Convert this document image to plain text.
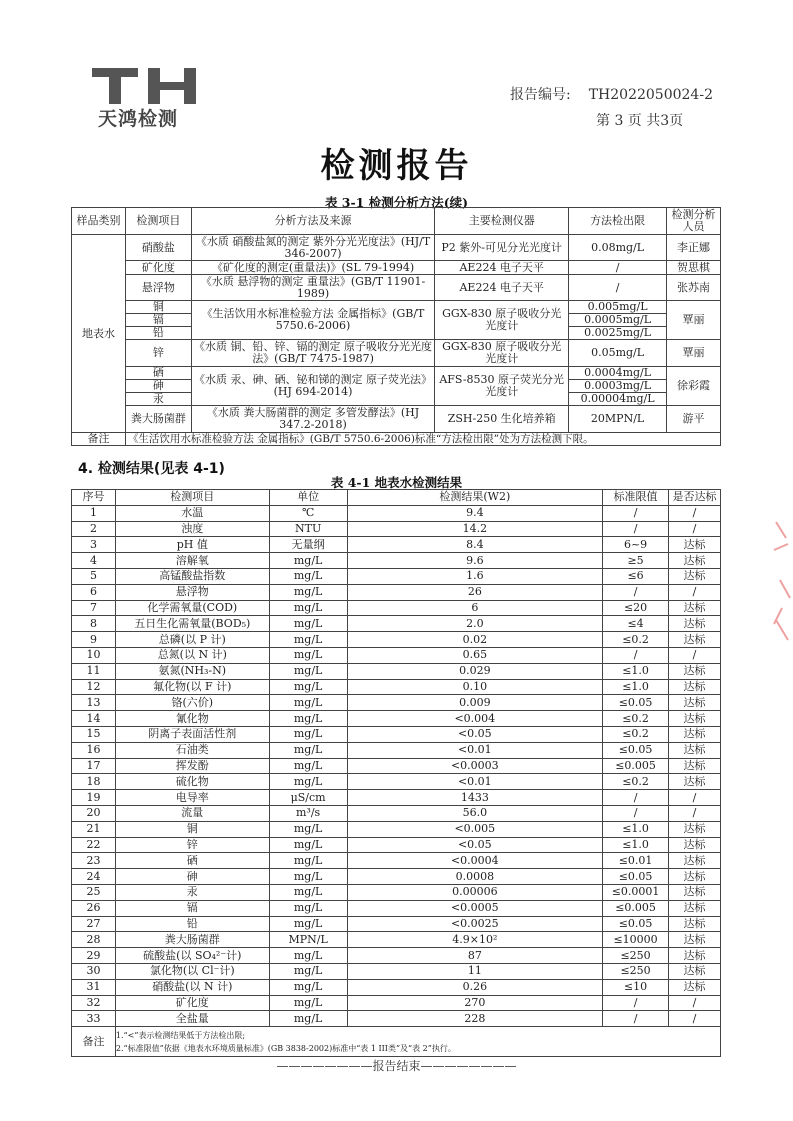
天鸿检测
报告编号: TH2022050024-2
第 3 页 共3页
检测报告
表 3-1 检测分析方法(续)
样品类别	检测项目	分析方法及来源	主要检测仪器	方法检出限	检测分析人员
地表水	硝酸盐	《水质 硝酸盐氮的测定 紫外分光光度法》(HJ/T 346-2007)	P2 紫外-可见分光光度计	0.08mg/L	李正娜
	矿化度	《矿化度的测定(重量法)》(SL 79-1994)	AE224 电子天平	/	贺思棋
	悬浮物	《水质 悬浮物的测定 重量法》(GB/T 11901-1989)	AE224 电子天平	/	张苏南
	铜	《生活饮用水标准检验方法 金属指标》(GB/T 5750.6-2006)	GGX-830 原子吸收分光光度计	0.005mg/L	覃丽
	镉			0.0005mg/L	
	铅			0.0025mg/L	
	锌	《水质 铜、铅、锌、镉的测定 原子吸收分光光度法》(GB/T 7475-1987)	GGX-830 原子吸收分光光度计	0.05mg/L	覃丽
	硒	《水质 汞、砷、硒、铋和锑的测定 原子荧光法》(HJ 694-2014)	AFS-8530 原子荧光分光光度计	0.0004mg/L	徐彩霞
	砷			0.0003mg/L	
	汞			0.00004mg/L	
	粪大肠菌群	《水质 粪大肠菌群的测定 多管发酵法》(HJ 347.2-2018)	ZSH-250 生化培养箱	20MPN/L	游平
备注	《生活饮用水标准检验方法 金属指标》(GB/T 5750.6-2006)标准“方法检出限”处为方法检测下限。				
4. 检测结果(见表 4-1)
表 4-1 地表水检测结果
序号	检测项目	单位	检测结果(W2)	标准限值	是否达标
1	水温	℃	9.4	/	/
2	浊度	NTU	14.2	/	/
3	pH 值	无量纲	8.4	6~9	达标
4	溶解氧	mg/L	9.6	≥5	达标
5	高锰酸盐指数	mg/L	1.6	≤6	达标
6	悬浮物	mg/L	26	/	/
7	化学需氧量(COD)	mg/L	6	≤20	达标
8	五日生化需氧量(BOD₅)	mg/L	2.0	≤4	达标
9	总磷(以 P 计)	mg/L	0.02	≤0.2	达标
10	总氮(以 N 计)	mg/L	0.65	/	/
11	氨氮(NH₃-N)	mg/L	0.029	≤1.0	达标
12	氟化物(以 F 计)	mg/L	0.10	≤1.0	达标
13	铬(六价)	mg/L	0.009	≤0.05	达标
14	氰化物	mg/L	<0.004	≤0.2	达标
15	阴离子表面活性剂	mg/L	<0.05	≤0.2	达标
16	石油类	mg/L	<0.01	≤0.05	达标
17	挥发酚	mg/L	<0.0003	≤0.005	达标
18	硫化物	mg/L	<0.01	≤0.2	达标
19	电导率	μS/cm	1433	/	/
20	流量	m³/s	56.0	/	/
21	铜	mg/L	<0.005	≤1.0	达标
22	锌	mg/L	<0.05	≤1.0	达标
23	硒	mg/L	<0.0004	≤0.01	达标
24	砷	mg/L	0.0008	≤0.05	达标
25	汞	mg/L	0.00006	≤0.0001	达标
26	镉	mg/L	<0.0005	≤0.005	达标
27	铅	mg/L	<0.0025	≤0.05	达标
28	粪大肠菌群	MPN/L	4.9×10²	≤10000	达标
29	硫酸盐(以 SO₄²⁻计)	mg/L	87	≤250	达标
30	氯化物(以 Cl⁻计)	mg/L	11	≤250	达标
31	硝酸盐(以 N 计)	mg/L	0.26	≤10	达标
32	矿化度	mg/L	270	/	/
33	全盐量	mg/L	228	/	/
备注	1.“<”表示检测结果低于方法检出限;
2.“标准限值”依据《地表水环境质量标准》(GB 3838-2002)标准中“表 1 III类”及“表 2”执行。				
————————报告结束————————
